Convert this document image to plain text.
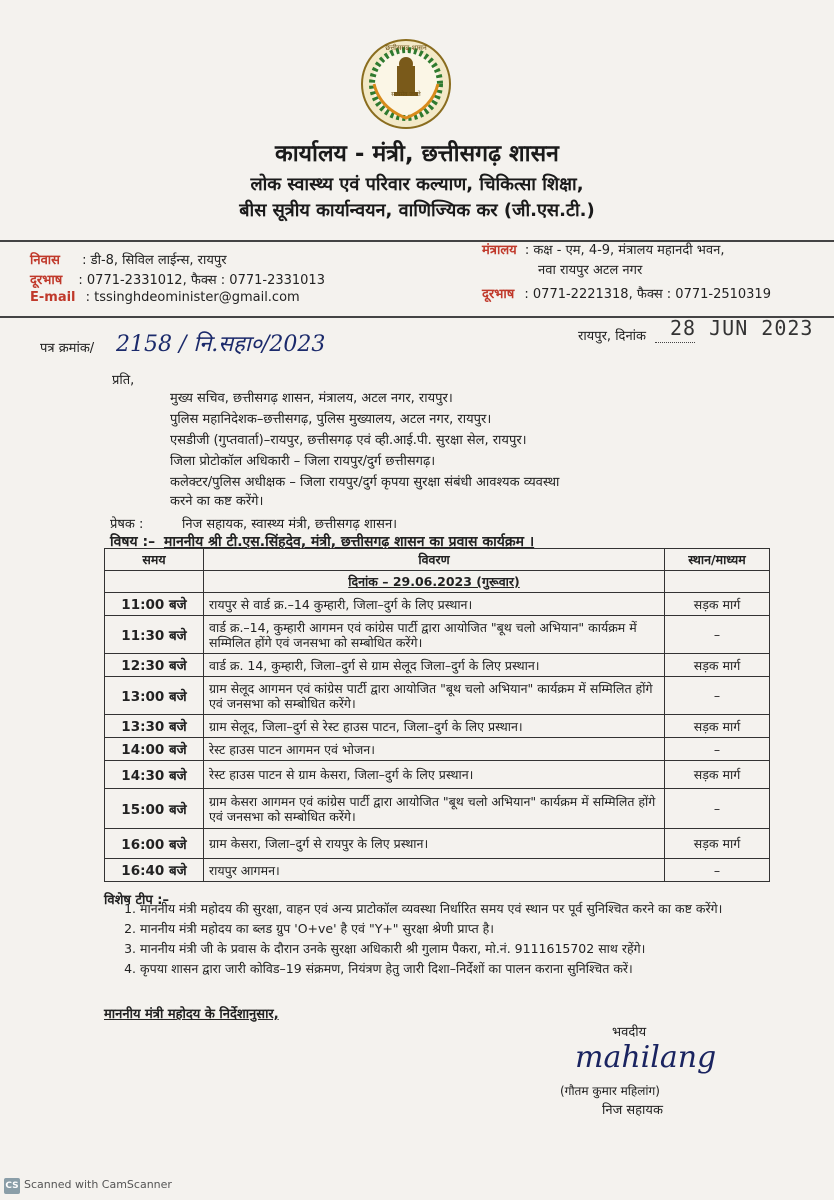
छत्तीसगढ़ शासन
सत्यमेव जयते
कार्यालय - मंत्री, छत्तीसगढ़ शासन
लोक स्वास्थ्य एवं परिवार कल्याण, चिकित्सा शिक्षा,
बीस सूत्रीय कार्यान्वयन, वाणिज्यिक कर (जी.एस.टी.)
निवास : डी-8, सिविल लाईन्स, रायपुर
दूरभाष : 0771-2331012, फैक्स : 0771-2331013
E-mail : tssinghdeominister@gmail.com
मंत्रालय : कक्ष - एम, 4-9, मंत्रालय महानदी भवन,
नवा रायपुर अटल नगर
दूरभाष : 0771-2221318, फैक्स : 0771-2510319
पत्र क्रमांक/ 2158 / नि.सहा०/2023	रायपुर, दिनांक 28 JUN 2023
प्रति,
मुख्य सचिव, छत्तीसगढ़ शासन, मंत्रालय, अटल नगर, रायपुर।
पुलिस महानिदेशक–छत्तीसगढ़, पुलिस मुख्यालय, अटल नगर, रायपुर।
एसडीजी (गुप्तवार्ता)–रायपुर, छत्तीसगढ़ एवं व्ही.आई.पी. सुरक्षा सेल, रायपुर।
जिला प्रोटोकॉल अधिकारी – जिला रायपुर/दुर्ग छत्तीसगढ़।
कलेक्टर/पुलिस अधीक्षक – जिला रायपुर/दुर्ग कृपया सुरक्षा संबंधी आवश्यक व्यवस्था
करने का कष्ट करेंगे।
प्रेषक :	निज सहायक, स्वास्थ्य मंत्री, छत्तीसगढ़ शासन।
विषय :– माननीय श्री टी.एस.सिंहदेव, मंत्री, छत्तीसगढ़ शासन का प्रवास कार्यक्रम ।
समय	विवरण	स्थान/माध्यम
	दिनांक – 29.06.2023 (गुरूवार)	
11:00 बजे	रायपुर से वार्ड क्र.–14 कुम्हारी, जिला–दुर्ग के लिए प्रस्थान।	सड़क मार्ग
11:30 बजे	वार्ड क्र.–14, कुम्हारी आगमन एवं कांग्रेस पार्टी द्वारा आयोजित "बूथ चलो अभियान" कार्यक्रम में सम्मिलित होंगे एवं जनसभा को सम्बोधित करेंगे।	–
12:30 बजे	वार्ड क्र. 14, कुम्हारी, जिला–दुर्ग से ग्राम सेलूद जिला–दुर्ग के लिए प्रस्थान।	सड़क मार्ग
13:00 बजे	ग्राम सेलूद आगमन एवं कांग्रेस पार्टी द्वारा आयोजित "बूथ चलो अभियान" कार्यक्रम में सम्मिलित होंगे एवं जनसभा को सम्बोधित करेंगे।	–
13:30 बजे	ग्राम सेलूद, जिला–दुर्ग से रेस्ट हाउस पाटन, जिला–दुर्ग के लिए प्रस्थान।	सड़क मार्ग
14:00 बजे	रेस्ट हाउस पाटन आगमन एवं भोजन।	–
14:30 बजे	रेस्ट हाउस पाटन से ग्राम केसरा, जिला–दुर्ग के लिए प्रस्थान।	सड़क मार्ग
15:00 बजे	ग्राम केसरा आगमन एवं कांग्रेस पार्टी द्वारा आयोजित "बूथ चलो अभियान" कार्यक्रम में सम्मिलित होंगे एवं जनसभा को सम्बोधित करेंगे।	–
16:00 बजे	ग्राम केसरा, जिला–दुर्ग से रायपुर के लिए प्रस्थान।	सड़क मार्ग
16:40 बजे	रायपुर आगमन।	–
विशेष टीप :–
1. माननीय मंत्री महोदय की सुरक्षा, वाहन एवं अन्य प्राटोकॉल व्यवस्था निर्धारित समय एवं स्थान पर पूर्व सुनिश्चित करने का कष्ट करेंगे।
2. माननीय मंत्री महोदय का ब्लड ग्रुप 'O+ve' है एवं "Y+" सुरक्षा श्रेणी प्राप्त है।
3. माननीय मंत्री जी के प्रवास के दौरान उनके सुरक्षा अधिकारी श्री गुलाम पैकरा, मो.नं. 9111615702 साथ रहेंगे।
4. कृपया शासन द्वारा जारी कोविड–19 संक्रमण, नियंत्रण हेतु जारी दिशा–निर्देशों का पालन कराना सुनिश्चित करें।
माननीय मंत्री महोदय के निर्देशानुसार,
भवदीय
mahilang
(गौतम कुमार महिलांग)
निज सहायक
CS Scanned with CamScanner
